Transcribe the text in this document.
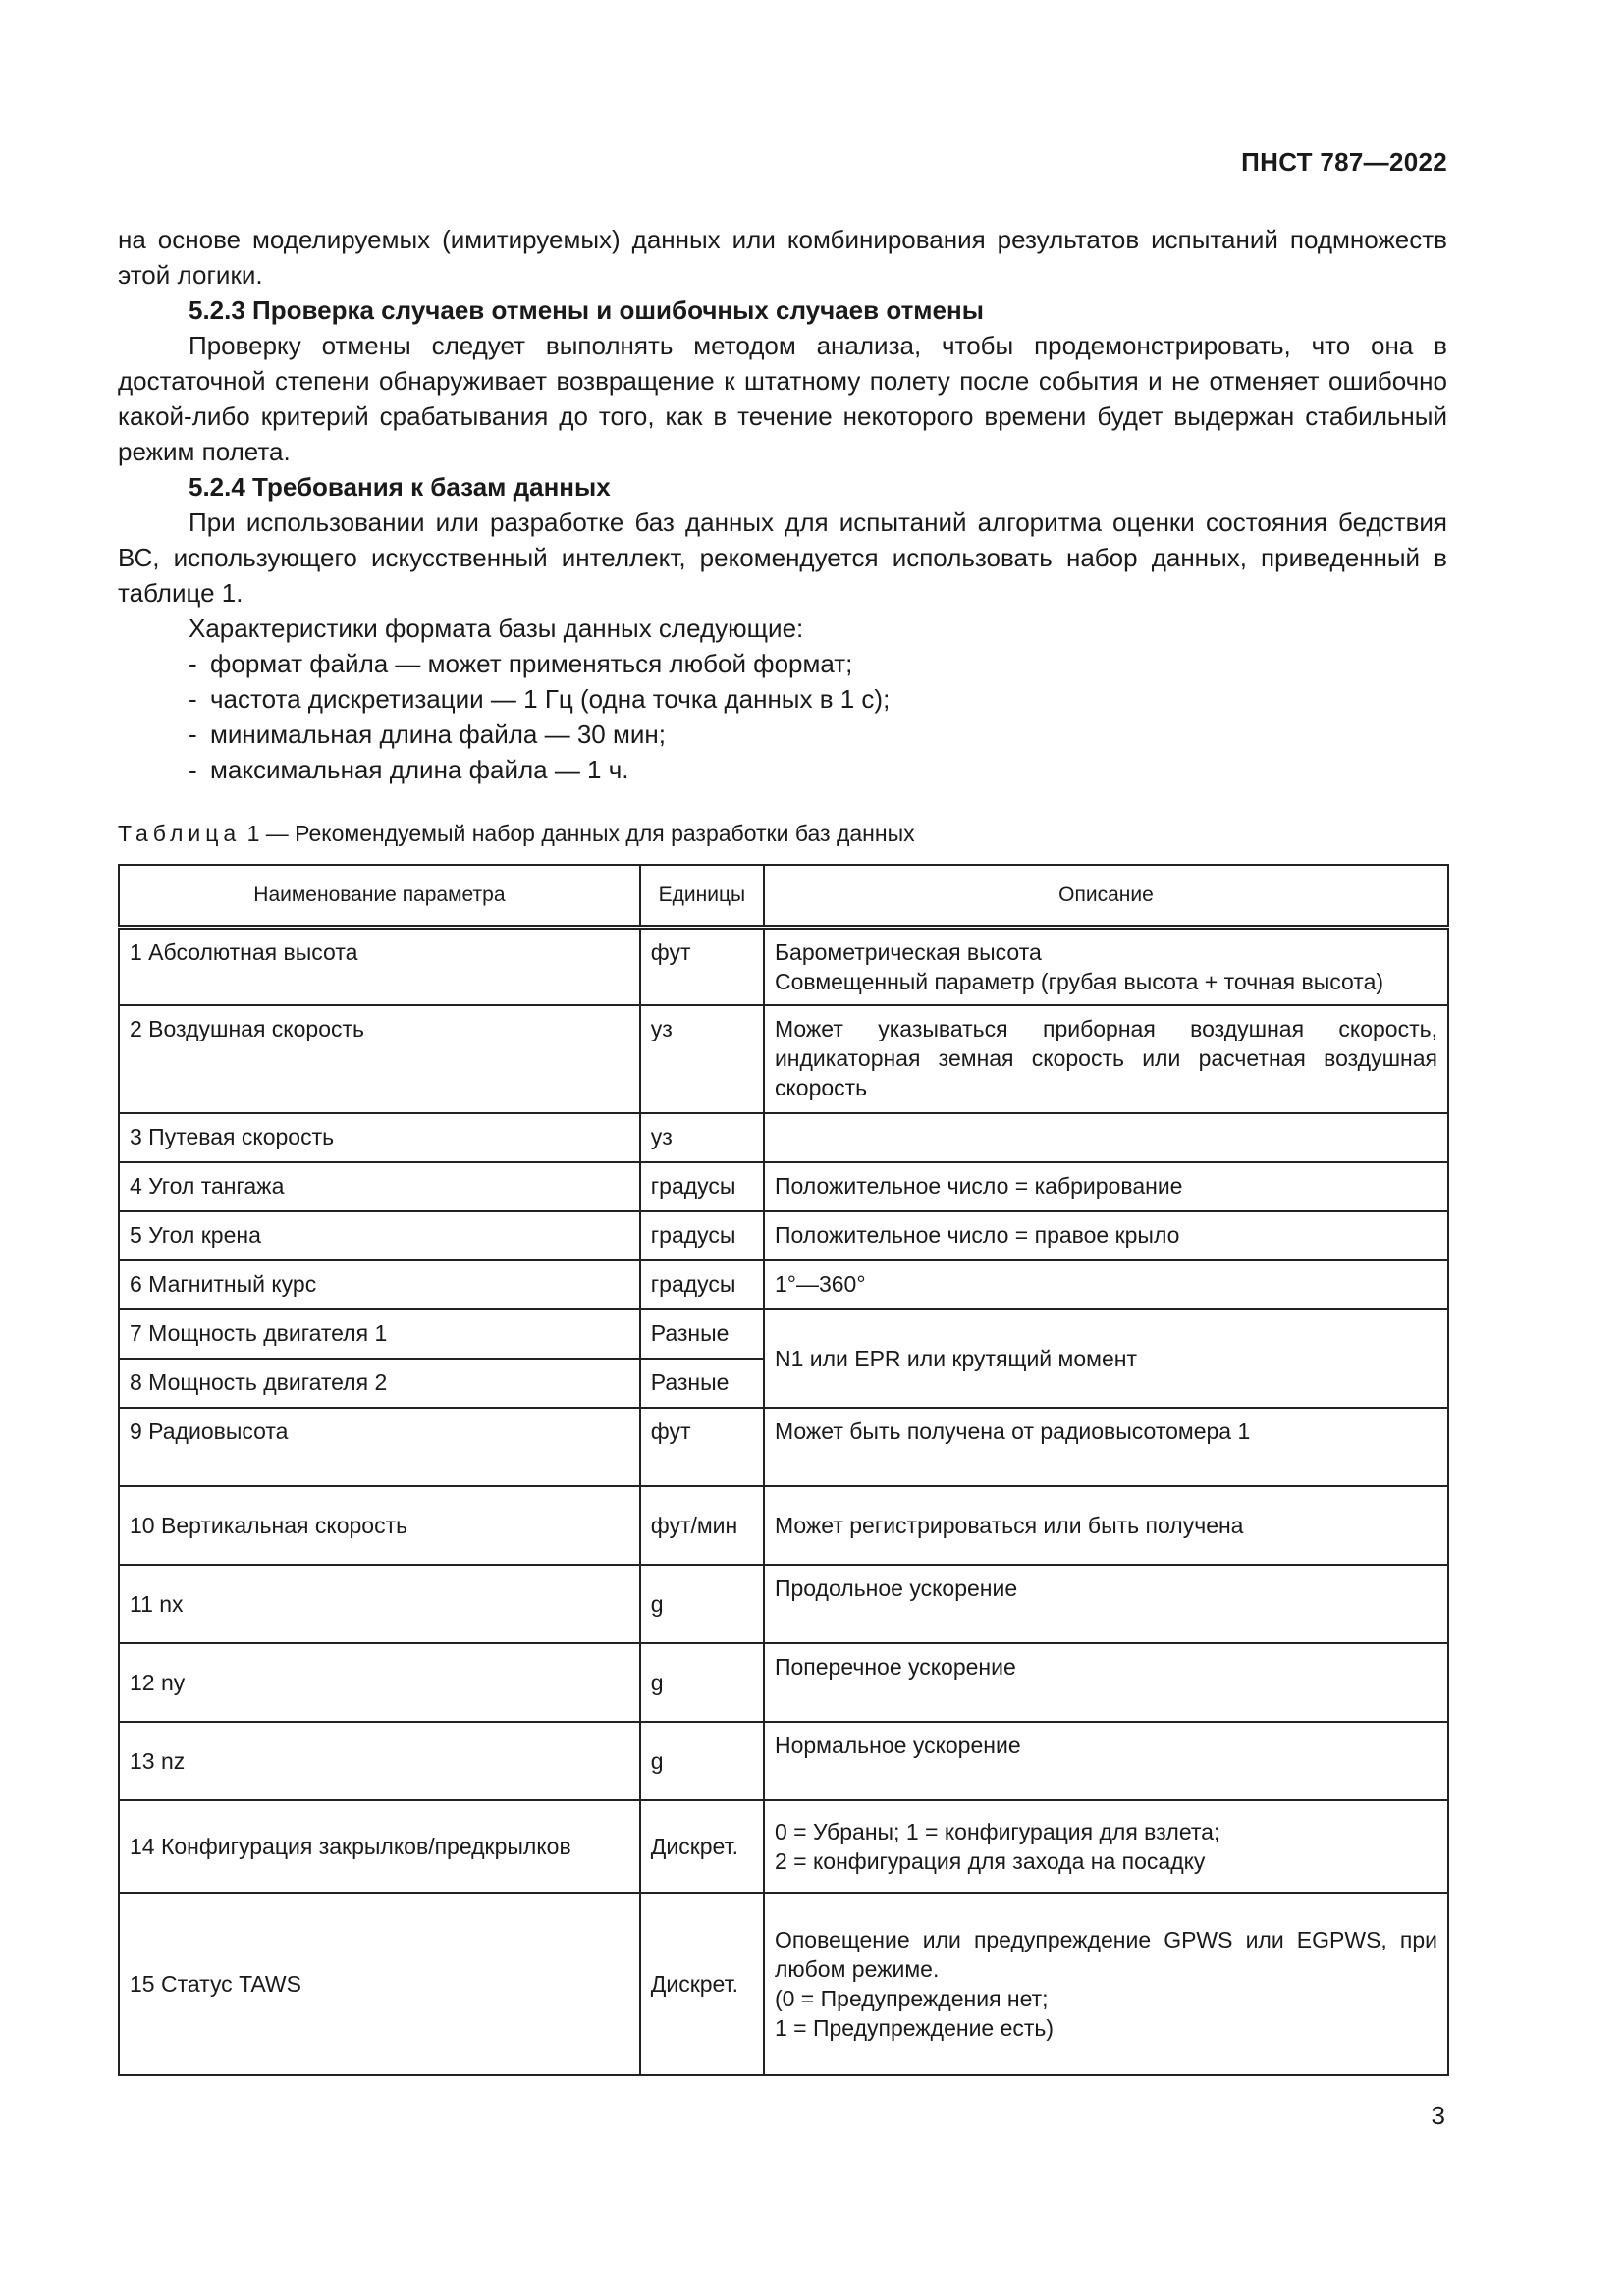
ПНСТ 787—2022

на основе моделируемых (имитируемых) данных или комбинирования результатов испытаний подмножеств этой логики.

5.2.3 Проверка случаев отмены и ошибочных случаев отмены

Проверку отмены следует выполнять методом анализа, чтобы продемонстрировать, что она в достаточной степени обнаруживает возвращение к штатному полету после события и не отменяет ошибочно какой-либо критерий срабатывания до того, как в течение некоторого времени будет выдержан стабильный режим полета.

5.2.4 Требования к базам данных

При использовании или разработке баз данных для испытаний алгоритма оценки состояния бедствия ВС, использующего искусственный интеллект, рекомендуется использовать набор данных, приведенный в таблице 1.

Характеристики формата базы данных следующие:

- формат файла — может применяться любой формат;
- частота дискретизации — 1 Гц (одна точка данных в 1 с);
- минимальная длина файла — 30 мин;
- максимальная длина файла — 1 ч.
Таблица 1 — Рекомендуемый набор данных для разработки баз данных
Наименование параметра	Единицы	Описание
1 Абсолютная высота	фут	Барометрическая высота
Совмещенный параметр (грубая высота + точная высота)

2 Воздушная скорость	уз	Может указываться приборная воздушная скорость, индикаторная земная скорость или расчетная воздушная скорость
3 Путевая скорость	уз	
4 Угол тангажа	градусы	Положительное число = кабрирование
5 Угол крена	градусы	Положительное число = правое крыло
6 Магнитный курс	градусы	1°—360°
7 Мощность двигателя 1	Разные	N1 или EPR или крутящий момент
8 Мощность двигателя 2	Разные	
9 Радиовысота	фут	Может быть получена от радиовысотомера 1
10 Вертикальная скорость	фут/мин	Может регистрироваться или быть получена
11 nx	g	Продольное ускорение
12 ny	g	Поперечное ускорение
13 nz	g	Нормальное ускорение
14 Конфигурация закрылков/предкрылков	Дискрет.	0 = Убраны; 1 = конфигурация для взлета;
2 = конфигурация для захода на посадку

15 Статус TAWS	Дискрет.	Оповещение или предупреждение GPWS или EGPWS, при любом режиме.
(0 = Предупреждения нет;
1 = Предупреждение есть)
3
